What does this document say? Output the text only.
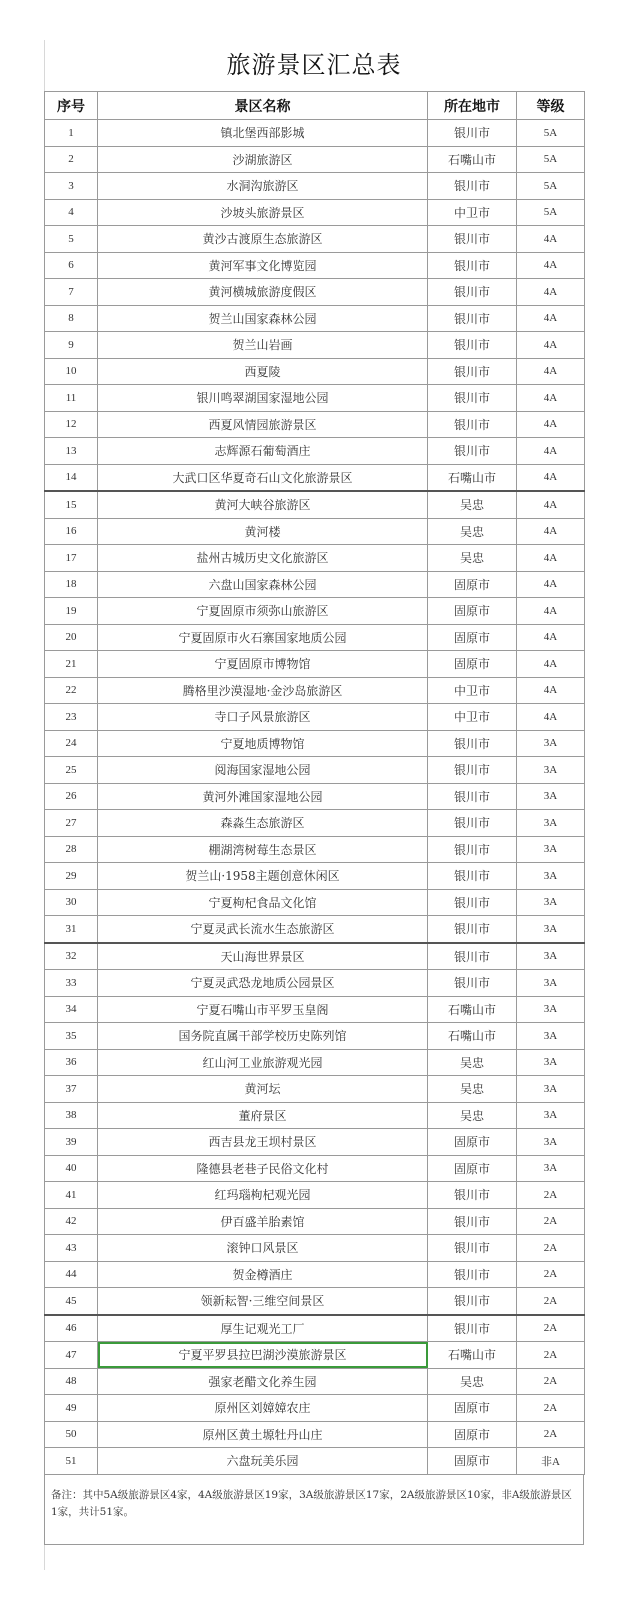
旅游景区汇总表
序号	景区名称	所在地市	等级
1	镇北堡西部影城	银川市	5A
2	沙湖旅游区	石嘴山市	5A
3	水洞沟旅游区	银川市	5A
4	沙坡头旅游景区	中卫市	5A
5	黄沙古渡原生态旅游区	银川市	4A
6	黄河军事文化博览园	银川市	4A
7	黄河横城旅游度假区	银川市	4A
8	贺兰山国家森林公园	银川市	4A
9	贺兰山岩画	银川市	4A
10	西夏陵	银川市	4A
11	银川鸣翠湖国家湿地公园	银川市	4A
12	西夏风情园旅游景区	银川市	4A
13	志辉源石葡萄酒庄	银川市	4A
14	大武口区华夏奇石山文化旅游景区	石嘴山市	4A
15	黄河大峡谷旅游区	吴忠	4A
16	黄河楼	吴忠	4A
17	盐州古城历史文化旅游区	吴忠	4A
18	六盘山国家森林公园	固原市	4A
19	宁夏固原市须弥山旅游区	固原市	4A
20	宁夏固原市火石寨国家地质公园	固原市	4A
21	宁夏固原市博物馆	固原市	4A
22	腾格里沙漠湿地·金沙岛旅游区	中卫市	4A
23	寺口子风景旅游区	中卫市	4A
24	宁夏地质博物馆	银川市	3A
25	阅海国家湿地公园	银川市	3A
26	黄河外滩国家湿地公园	银川市	3A
27	森淼生态旅游区	银川市	3A
28	棚湖湾树莓生态景区	银川市	3A
29	贺兰山·1958主题创意休闲区	银川市	3A
30	宁夏枸杞食品文化馆	银川市	3A
31	宁夏灵武长流水生态旅游区	银川市	3A
32	天山海世界景区	银川市	3A
33	宁夏灵武恐龙地质公园景区	银川市	3A
34	宁夏石嘴山市平罗玉皇阁	石嘴山市	3A
35	国务院直属干部学校历史陈列馆	石嘴山市	3A
36	红山河工业旅游观光园	吴忠	3A
37	黄河坛	吴忠	3A
38	董府景区	吴忠	3A
39	西吉县龙王坝村景区	固原市	3A
40	隆德县老巷子民俗文化村	固原市	3A
41	红玛瑙枸杞观光园	银川市	2A
42	伊百盛羊胎素馆	银川市	2A
43	滚钟口风景区	银川市	2A
44	贺金樽酒庄	银川市	2A
45	领新耘智·三维空间景区	银川市	2A
46	厚生记观光工厂	银川市	2A
47	宁夏平罗县拉巴湖沙漠旅游景区	石嘴山市	2A
48	强家老醋文化养生园	吴忠	2A
49	原州区刘嫜嫜农庄	固原市	2A
50	原州区黄土塬牡丹山庄	固原市	2A
51	六盘玩美乐园	固原市	非A
备注：其中5A级旅游景区4家，4A级旅游景区19家，3A级旅游景区17家，2A级旅游景区10家，非A级旅游景区1家，共计51家。
